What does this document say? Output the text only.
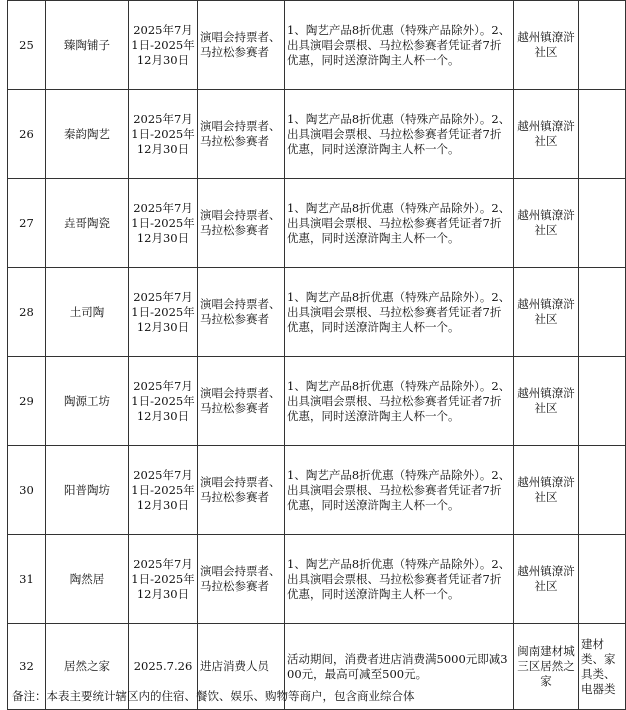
25	臻陶铺子	2025年7月1日-2025年12月30日	演唱会持票者、马拉松参赛者	1、陶艺产品8折优惠（特殊产品除外）。2、出具演唱会票根、马拉松参赛者凭证者7折优惠，同时送潦浒陶主人杯一个。	越州镇潦浒社区	
26	秦韵陶艺	2025年7月1日-2025年12月30日	演唱会持票者、马拉松参赛者	1、陶艺产品8折优惠（特殊产品除外）。2、出具演唱会票根、马拉松参赛者凭证者7折优惠，同时送潦浒陶主人杯一个。	越州镇潦浒社区	
27	垚哥陶瓷	2025年7月1日-2025年12月30日	演唱会持票者、马拉松参赛者	1、陶艺产品8折优惠（特殊产品除外）。2、出具演唱会票根、马拉松参赛者凭证者7折优惠，同时送潦浒陶主人杯一个。	越州镇潦浒社区	
28	土司陶	2025年7月1日-2025年12月30日	演唱会持票者、马拉松参赛者	1、陶艺产品8折优惠（特殊产品除外）。2、出具演唱会票根、马拉松参赛者凭证者7折优惠，同时送潦浒陶主人杯一个。	越州镇潦浒社区	
29	陶源工坊	2025年7月1日-2025年12月30日	演唱会持票者、马拉松参赛者	1、陶艺产品8折优惠（特殊产品除外）。2、出具演唱会票根、马拉松参赛者凭证者7折优惠，同时送潦浒陶主人杯一个。	越州镇潦浒社区	
30	阳普陶坊	2025年7月1日-2025年12月30日	演唱会持票者、马拉松参赛者	1、陶艺产品8折优惠（特殊产品除外）。2、出具演唱会票根、马拉松参赛者凭证者7折优惠，同时送潦浒陶主人杯一个。	越州镇潦浒社区	
31	陶然居	2025年7月1日-2025年12月30日	演唱会持票者、马拉松参赛者	1、陶艺产品8折优惠（特殊产品除外）。2、出具演唱会票根、马拉松参赛者凭证者7折优惠，同时送潦浒陶主人杯一个。	越州镇潦浒社区	
32	居然之家	2025.7.26	进店消费人员	活动期间，消费者进店消费满5000元即减300元，最高可减至500元。	闽南建材城三区居然之家	建材类、家具类、电器类
备注：本表主要统计辖区内的住宿、餐饮、娱乐、购物等商户，包含商业综合体
